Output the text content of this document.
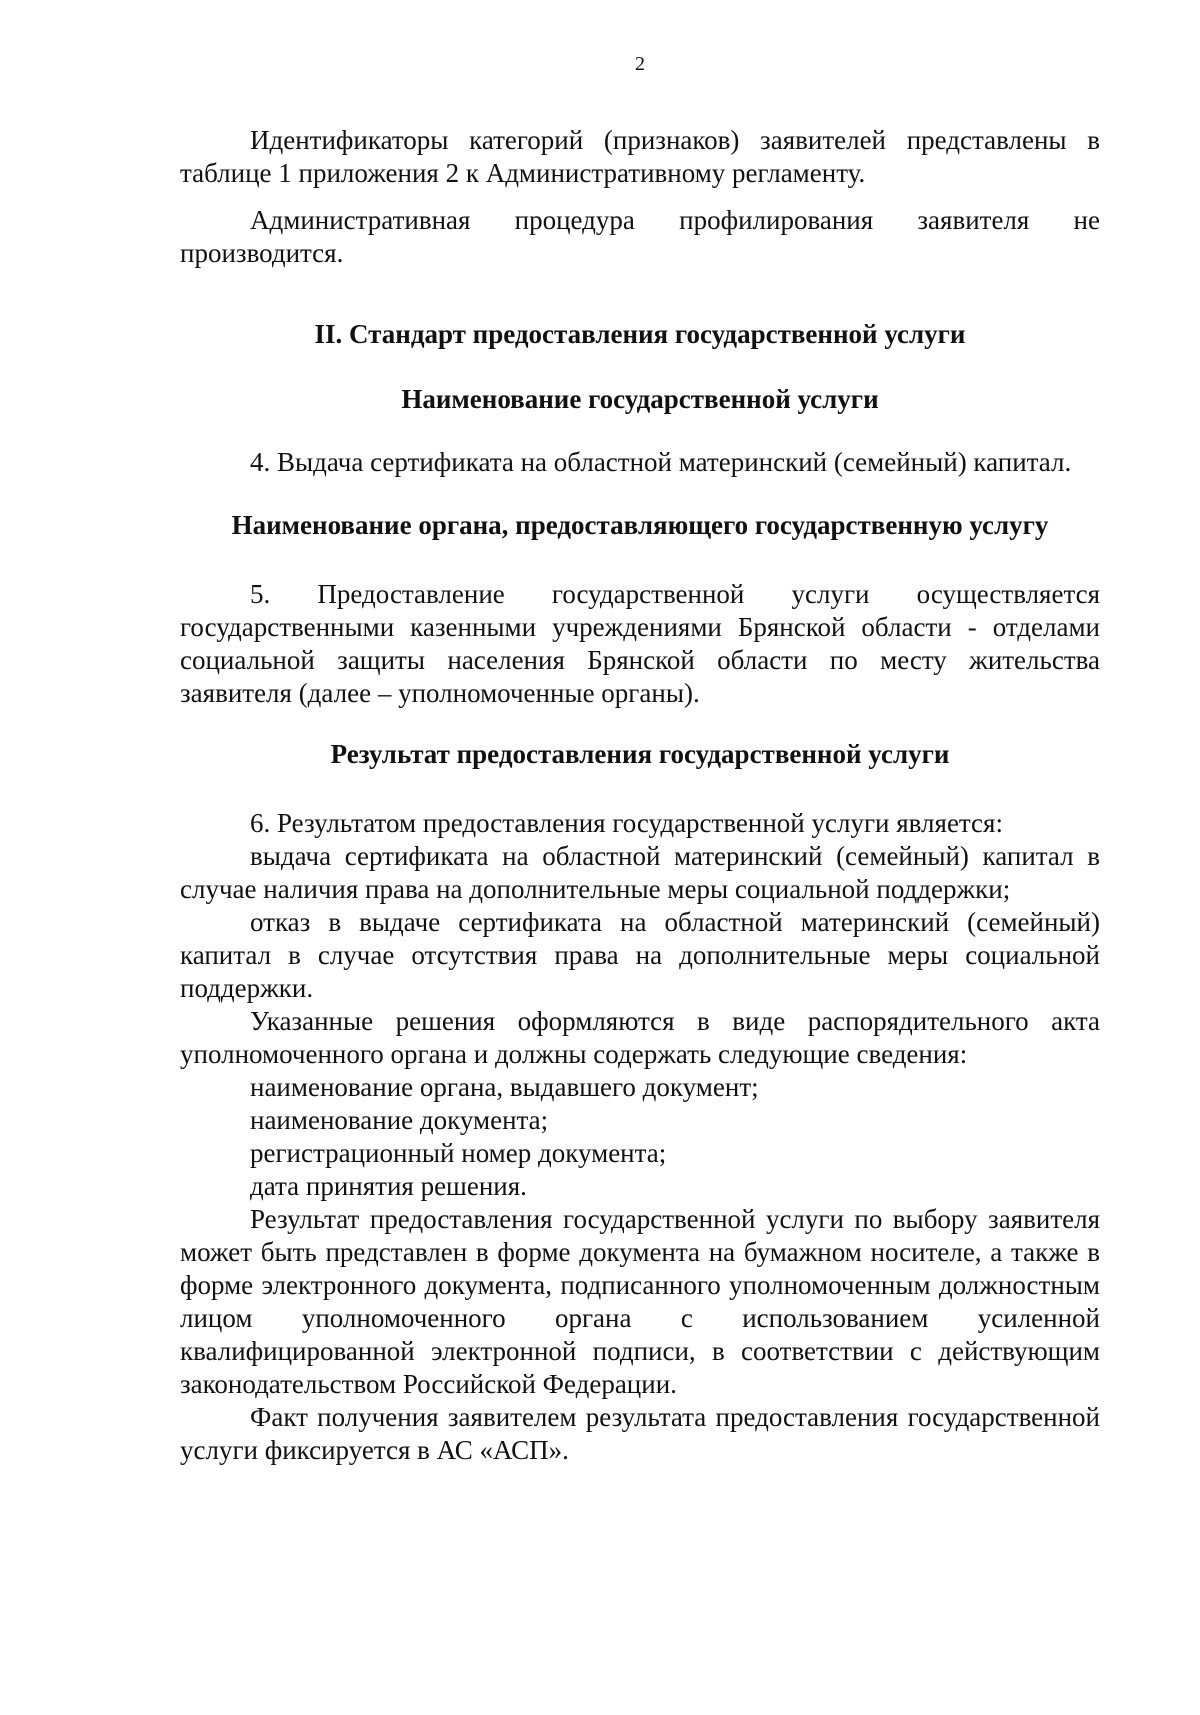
2

Идентификаторы категорий (признаков) заявителей представлены в таблице 1 приложения 2 к Административному регламенту.

Административная процедура профилирования заявителя не производится.

II. Стандарт предоставления государственной услуги

Наименование государственной услуги

4. Выдача сертификата на областной материнский (семейный) капитал.

Наименование органа, предоставляющего государственную услугу

5. Предоставление государственной услуги осуществляется государственными казенными учреждениями Брянской области - отделами социальной защиты населения Брянской области по месту жительства заявителя (далее – уполномоченные органы).

Результат предоставления государственной услуги

6. Результатом предоставления государственной услуги является:

выдача сертификата на областной материнский (семейный) капитал в случае наличия права на дополнительные меры социальной поддержки;

отказ в выдаче сертификата на областной материнский (семейный) капитал в случае отсутствия права на дополнительные меры социальной поддержки.

Указанные решения оформляются в виде распорядительного акта уполномоченного органа и должны содержать следующие сведения:

наименование органа, выдавшего документ;

наименование документа;

регистрационный номер документа;

дата принятия решения.

Результат предоставления государственной услуги по выбору заявителя может быть представлен в форме документа на бумажном носителе, а также в форме электронного документа, подписанного уполномоченным должностным лицом уполномоченного органа с использованием усиленной квалифицированной электронной подписи, в соответствии с действующим законодательством Российской Федерации.

Факт получения заявителем результата предоставления государственной услуги фиксируется в АС «АСП».
